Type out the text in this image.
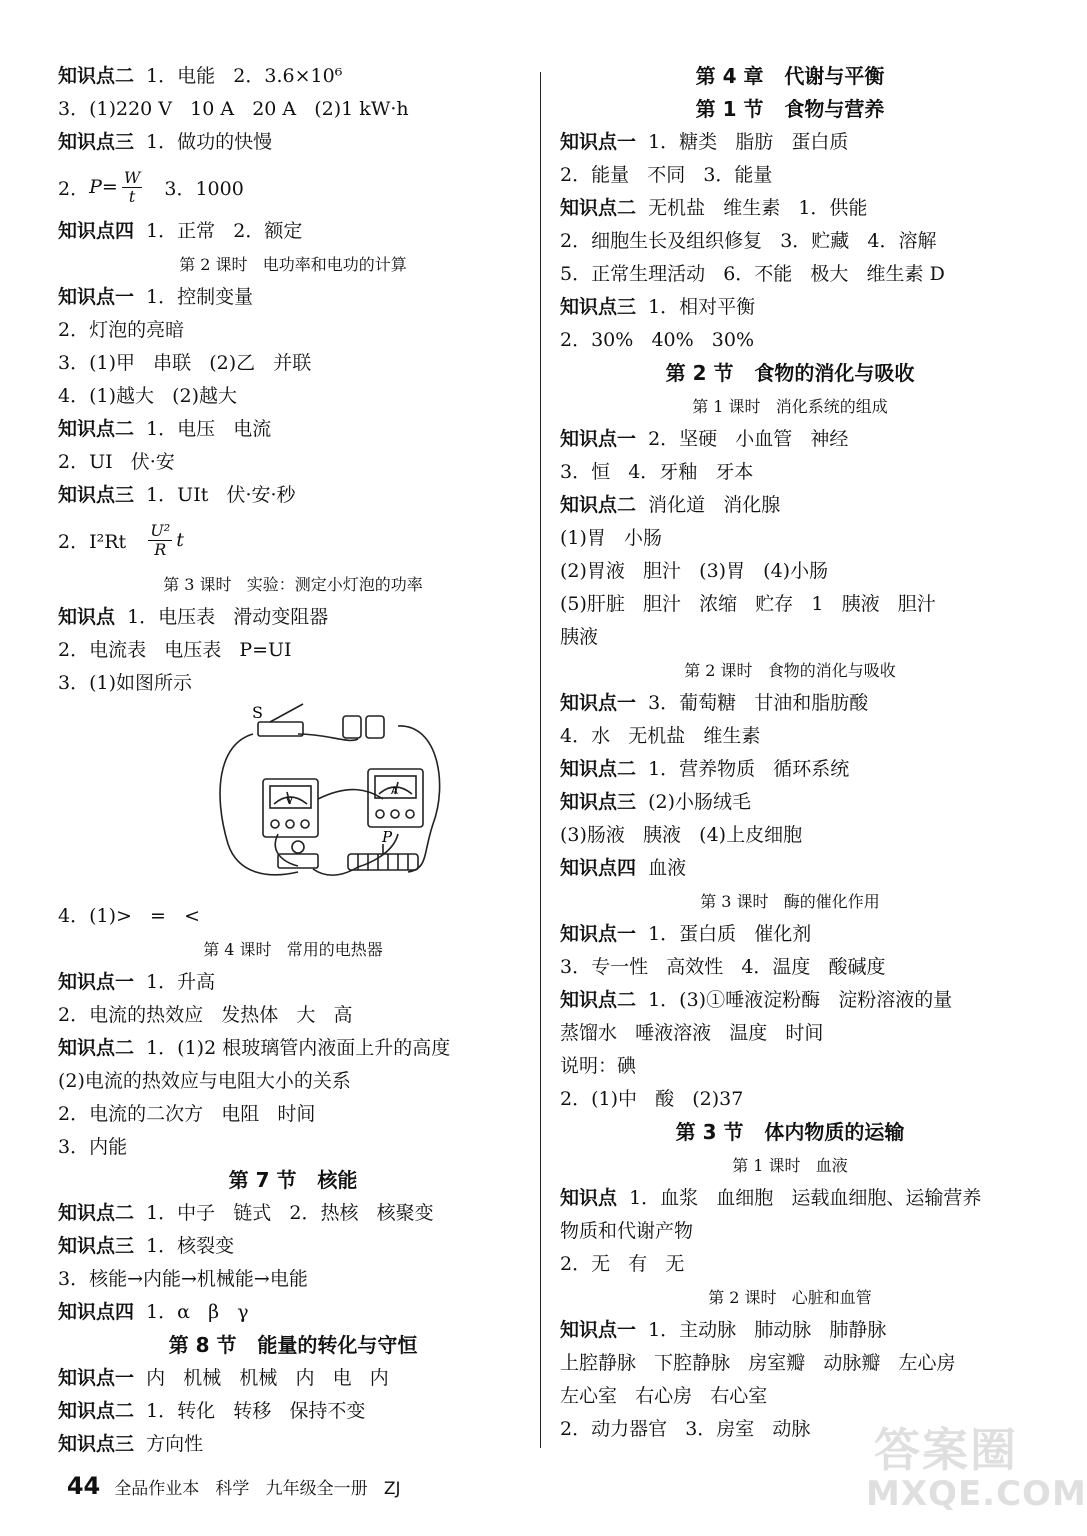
知识点二  1．电能   2．3.6×10⁶
3．(1)220 V   10 A   20 A   (2)1 kW·h
知识点三  1．做功的快慢
2． $P= \frac{W}{t} 3$．1000
知识点四  1．正常   2．额定
第 2 课时   电功率和电功的计算
知识点一  1．控制变量
2．灯泡的亮暗
3．(1)甲   串联   (2)乙   并联
4．(1)越大   (2)越大
知识点二  1．电压   电流
2．UI   伏·安
知识点三  1．UIt   伏·安·秒
2．$I^2Rt \frac{\text{U²}}{R}$ t
第 3 课时   实验：测定小灯泡的功率
知识点  1．电压表   滑动变阻器
2．电流表   电压表   P=UI
3．(1)如图所示
S
P
V
A
4．(1)>   =   <
第 4 课时   常用的电热器
知识点一  1．升高
2．电流的热效应   发热体   大   高
知识点二  1．(1)2 根玻璃管内液面上升的高度
(2)电流的热效应与电阻大小的关系
2．电流的二次方   电阻   时间
3．内能
第 7 节   核能
知识点二  1．中子   链式   2．热核   核聚变
知识点三  1．核裂变
3．核能→内能→机械能→电能
知识点四  1．α   β   γ
第 8 节   能量的转化与守恒
知识点一  内   机械   机械   内   电   内
知识点二  1．转化   转移   保持不变
知识点三  方向性
第 4 章   代谢与平衡
第 1 节   食物与营养
知识点一  1．糖类   脂肪   蛋白质
2．能量   不同   3．能量
知识点二  无机盐   维生素   1．供能
2．细胞生长及组织修复   3．贮藏   4．溶解
5．正常生理活动   6．不能   极大   维生素 D
知识点三  1．相对平衡
2．30%   40%   30%
第 2 节   食物的消化与吸收
第 1 课时   消化系统的组成
知识点一  2．坚硬   小血管   神经
3．恒   4．牙釉   牙本
知识点二  消化道   消化腺
(1)胃   小肠
(2)胃液   胆汁   (3)胃   (4)小肠
(5)肝脏   胆汁   浓缩   贮存   1   胰液   胆汁
胰液
第 2 课时   食物的消化与吸收
知识点一  3．葡萄糖   甘油和脂肪酸
4．水   无机盐   维生素
知识点二  1．营养物质   循环系统
知识点三  (2)小肠绒毛
(3)肠液   胰液   (4)上皮细胞
知识点四  血液
第 3 课时   酶的催化作用
知识点一  1．蛋白质   催化剂
3．专一性   高效性   4．温度   酸碱度
知识点二  1．(3)①唾液淀粉酶   淀粉溶液的量
蒸馏水   唾液溶液   温度   时间
说明：碘
2．(1)中   酸   (2)37
第 3 节   体内物质的运输
第 1 课时   血液
知识点  1．血浆   血细胞   运载血细胞、运输营养
物质和代谢产物
2．无   有   无
第 2 课时   心脏和血管
知识点一  1．主动脉   肺动脉   肺静脉
上腔静脉   下腔静脉   房室瓣   动脉瓣   左心房
左心室   右心房   右心室
2．动力器官   3．房室   动脉

44 全品作业本   科学   九年级全一册   ZJ

答案圈
MXQE.COM
